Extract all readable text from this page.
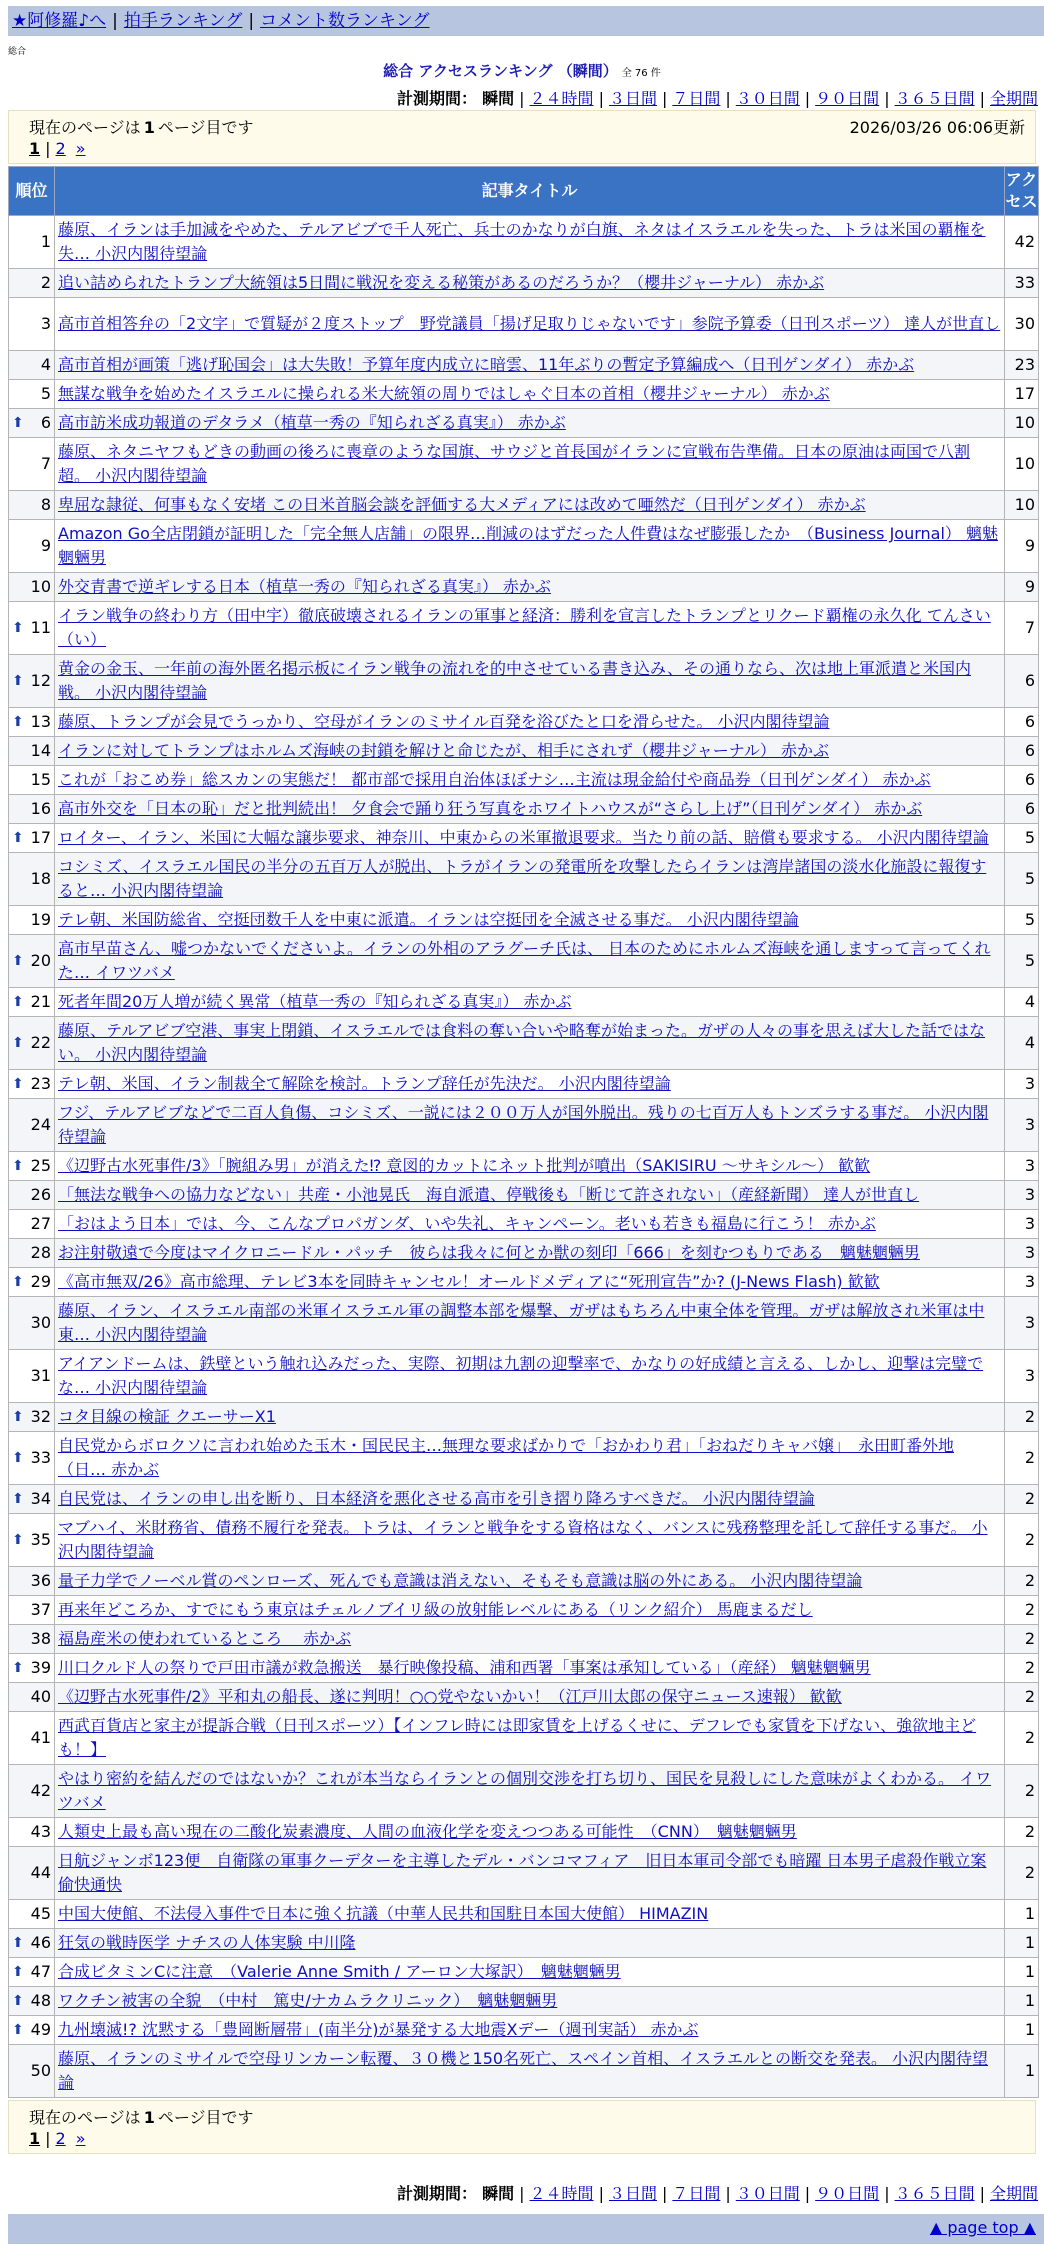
★阿修羅♪へ | 拍手ランキング | コメント数ランキング
総合
総合 アクセスランキング （瞬間） 全 76 件
計測期間： 瞬間 | ２４時間 | ３日間 | ７日間 | ３０日間 | ９０日間 | ３６５日間 | 全期間
現在のページは 1 ページ目です	2026/03/26 06:06更新
1 | 2 »
順位	記事タイトル	アクセス
1	藤原、イランは手加減をやめた、テルアビブで千人死亡、兵士のかなりが白旗、ネタはイスラエルを失った、トラは米国の覇権を失… 小沢内閣待望論	42
2	追い詰められたトランプ大統領は5日間に戦況を変える秘策があるのだろうか？（櫻井ジャーナル） 赤かぶ	33
3	高市首相答弁の「2文字」で質疑が２度ストップ　野党議員「揚げ足取りじゃないです」参院予算委（日刊スポーツ） 達人が世直し	30
4	高市首相が画策「逃げ恥国会」は大失敗！予算年度内成立に暗雲、11年ぶりの暫定予算編成へ（日刊ゲンダイ） 赤かぶ	23
5	無謀な戦争を始めたイスラエルに操られる米大統領の周りではしゃぐ日本の首相（櫻井ジャーナル） 赤かぶ	17

⬆ 6	高市訪米成功報道のデタラメ（植草一秀の『知られざる真実』） 赤かぶ	10
7	藤原、ネタニヤフもどきの動画の後ろに喪章のような国旗、サウジと首長国がイランに宣戦布告準備。日本の原油は両国で八割超。 小沢内閣待望論	10
8	卑屈な隷従、何事もなく安堵 この日米首脳会談を評価する大メディアには改めて唖然だ（日刊ゲンダイ） 赤かぶ	10
9	Amazon Go全店閉鎖が証明した「完全無人店舗」の限界…削減のはずだった人件費はなぜ膨張したか　（Business Journal） 魑魅魍魎男	9
10	外交青書で逆ギレする日本（植草一秀の『知られざる真実』） 赤かぶ	9

⬆ 11	イラン戦争の終わり方（田中宇）徹底破壊されるイランの軍事と経済：勝利を宣言したトランプとリクード覇権の永久化 てんさい（い）	7

⬆ 12	黄金の金玉、一年前の海外匿名掲示板にイラン戦争の流れを的中させている書き込み、その通りなら、次は地上軍派遣と米国内戦。 小沢内閣待望論	6

⬆ 13	藤原、トランプが会見でうっかり、空母がイランのミサイル百発を浴びたと口を滑らせた。 小沢内閣待望論	6
14	イランに対してトランプはホルムズ海峡の封鎖を解けと命じたが、相手にされず（櫻井ジャーナル） 赤かぶ	6
15	これが「おこめ券」総スカンの実態だ！ 都市部で採用自治体ほぼナシ…主流は現金給付や商品券（日刊ゲンダイ） 赤かぶ	6
16	高市外交を「日本の恥」だと批判続出！ 夕食会で踊り狂う写真をホワイトハウスが“さらし上げ”（日刊ゲンダイ） 赤かぶ	6

⬆ 17	ロイター、イラン、米国に大幅な譲歩要求、神奈川、中東からの米軍撤退要求。当たり前の話、賠償も要求する。 小沢内閣待望論	5
18	コシミズ、イスラエル国民の半分の五百万人が脱出、トラがイランの発電所を攻撃したらイランは湾岸諸国の淡水化施設に報復すると… 小沢内閣待望論	5
19	テレ朝、米国防総省、空挺団数千人を中東に派遣。イランは空挺団を全滅させる事だ。 小沢内閣待望論	5

⬆ 20	高市早苗さん、嘘つかないでくださいよ。イランの外相のアラグーチ氏は、 日本のためにホルムズ海峡を通しますって言ってくれた… イワツバメ	5

⬆ 21	死者年間20万人増が続く異常（植草一秀の『知られざる真実』） 赤かぶ	4

⬆ 22	藤原、テルアビブ空港、事実上閉鎖、イスラエルでは食料の奪い合いや略奪が始まった。ガザの人々の事を思えば大した話ではない。 小沢内閣待望論	4

⬆ 23	テレ朝、米国、イラン制裁全て解除を検討。トランプ辞任が先決だ。 小沢内閣待望論	3
24	フジ、テルアビブなどで二百人負傷、コシミズ、一説には２００万人が国外脱出。残りの七百万人もトンズラする事だ。 小沢内閣待望論	3

⬆ 25	《辺野古水死事件/3》「腕組み男」が消えた⁉ 意図的カットにネット批判が噴出（SAKISIRU ～サキシル～） 歓歓	3
26	「無法な戦争への協力などない」共産・小池晃氏　海自派遣、停戦後も「断じて許されない」（産経新聞） 達人が世直し	3
27	「おはよう日本」では、今、こんなプロパガンダ、いや失礼、キャンペーン。老いも若きも福島に行こう！ 赤かぶ	3
28	お注射敬遠で今度はマイクロニードル・パッチ　彼らは我々に何とか獣の刻印「666」を刻むつもりである　魑魅魍魎男	3

⬆ 29	《高市無双/26》高市総理、テレビ3本を同時キャンセル！オールドメディアに“死刑宣告”か? (J-News Flash) 歓歓	3
30	藤原、イラン、イスラエル南部の米軍イスラエル軍の調整本部を爆撃、ガザはもちろん中東全体を管理。ガザは解放され米軍は中東… 小沢内閣待望論	3
31	アイアンドームは、鉄壁という触れ込みだった、実際、初期は九割の迎撃率で、かなりの好成績と言える、しかし、迎撃は完璧でな… 小沢内閣待望論	3

⬆ 32	コタ目線の検証 クエーサーX1	2

⬆ 33	自民党からボロクソに言われ始めた玉木・国民民主…無理な要求ばかりで「おかわり君」「おねだりキャバ嬢」　永田町番外地（日… 赤かぶ	2

⬆ 34	自民党は、イランの申し出を断り、日本経済を悪化させる高市を引き摺り降ろすべきだ。 小沢内閣待望論	2

⬆ 35	マブハイ、米財務省、債務不履行を発表。トラは、イランと戦争をする資格はなく、バンスに残務整理を託して辞任する事だ。 小沢内閣待望論	2
36	量子力学でノーベル賞のペンローズ、死んでも意識は消えない、そもそも意識は脳の外にある。 小沢内閣待望論	2
37	再来年どころか、すでにもう東京はチェルノブイリ級の放射能レベルにある（リンク紹介） 馬鹿まるだし	2
38	福島産米の使われているところ　 赤かぶ	2

⬆ 39	川口クルド人の祭りで戸田市議が救急搬送　暴行映像投稿、浦和西署「事案は承知している」（産経） 魑魅魍魎男	2
40	《辺野古水死事件/2》平和丸の船長、遂に判明！○○党やないかい！（江戸川太郎の保守ニュース速報） 歓歓	2
41	西武百貨店と家主が提訴合戦（日刊スポーツ）【インフレ時には即家賃を上げるくせに、デフレでも家賃を下げない、強欲地主ども！】	2
42	やはり密約を結んだのではないか？これが本当ならイランとの個別交渉を打ち切り、国民を見殺しにした意味がよくわかる。 イワツバメ	2
43	人類史上最も高い現在の二酸化炭素濃度、人間の血液化学を変えつつある可能性　（CNN）　魑魅魍魎男	2
44	日航ジャンボ123便　自衛隊の軍事クーデターを主導したデル・バンコマフィア　旧日本軍司令部でも暗躍 日本男子虐殺作戦立案偷快通快	2
45	中国大使館、不法侵入事件で日本に強く抗議（中華人民共和国駐日本国大使館） HIMAZIN	1

⬆ 46	狂気の戦時医学 ナチスの人体実験 中川隆	1

⬆ 47	合成ビタミンCに注意　（Valerie Anne Smith / アーロン大塚訳）　魑魅魍魎男	1

⬆ 48	ワクチン被害の全貌　（中村　篤史/ナカムラクリニック）　魑魅魍魎男	1

⬆ 49	九州壊滅!? 沈黙する「豊岡断層帯」(南半分)が暴発する大地震Xデー（週刊実話） 赤かぶ	1
50	藤原、イランのミサイルで空母リンカーン転覆、３０機と150名死亡、スペイン首相、イスラエルとの断交を発表。 小沢内閣待望論	1
計測期間： 瞬間 | ２４時間 | ３日間 | ７日間 | ３０日間 | ９０日間 | ３６５日間 | 全期間
現在のページは 1 ページ目です
1 | 2 »
▲ page top ▲
